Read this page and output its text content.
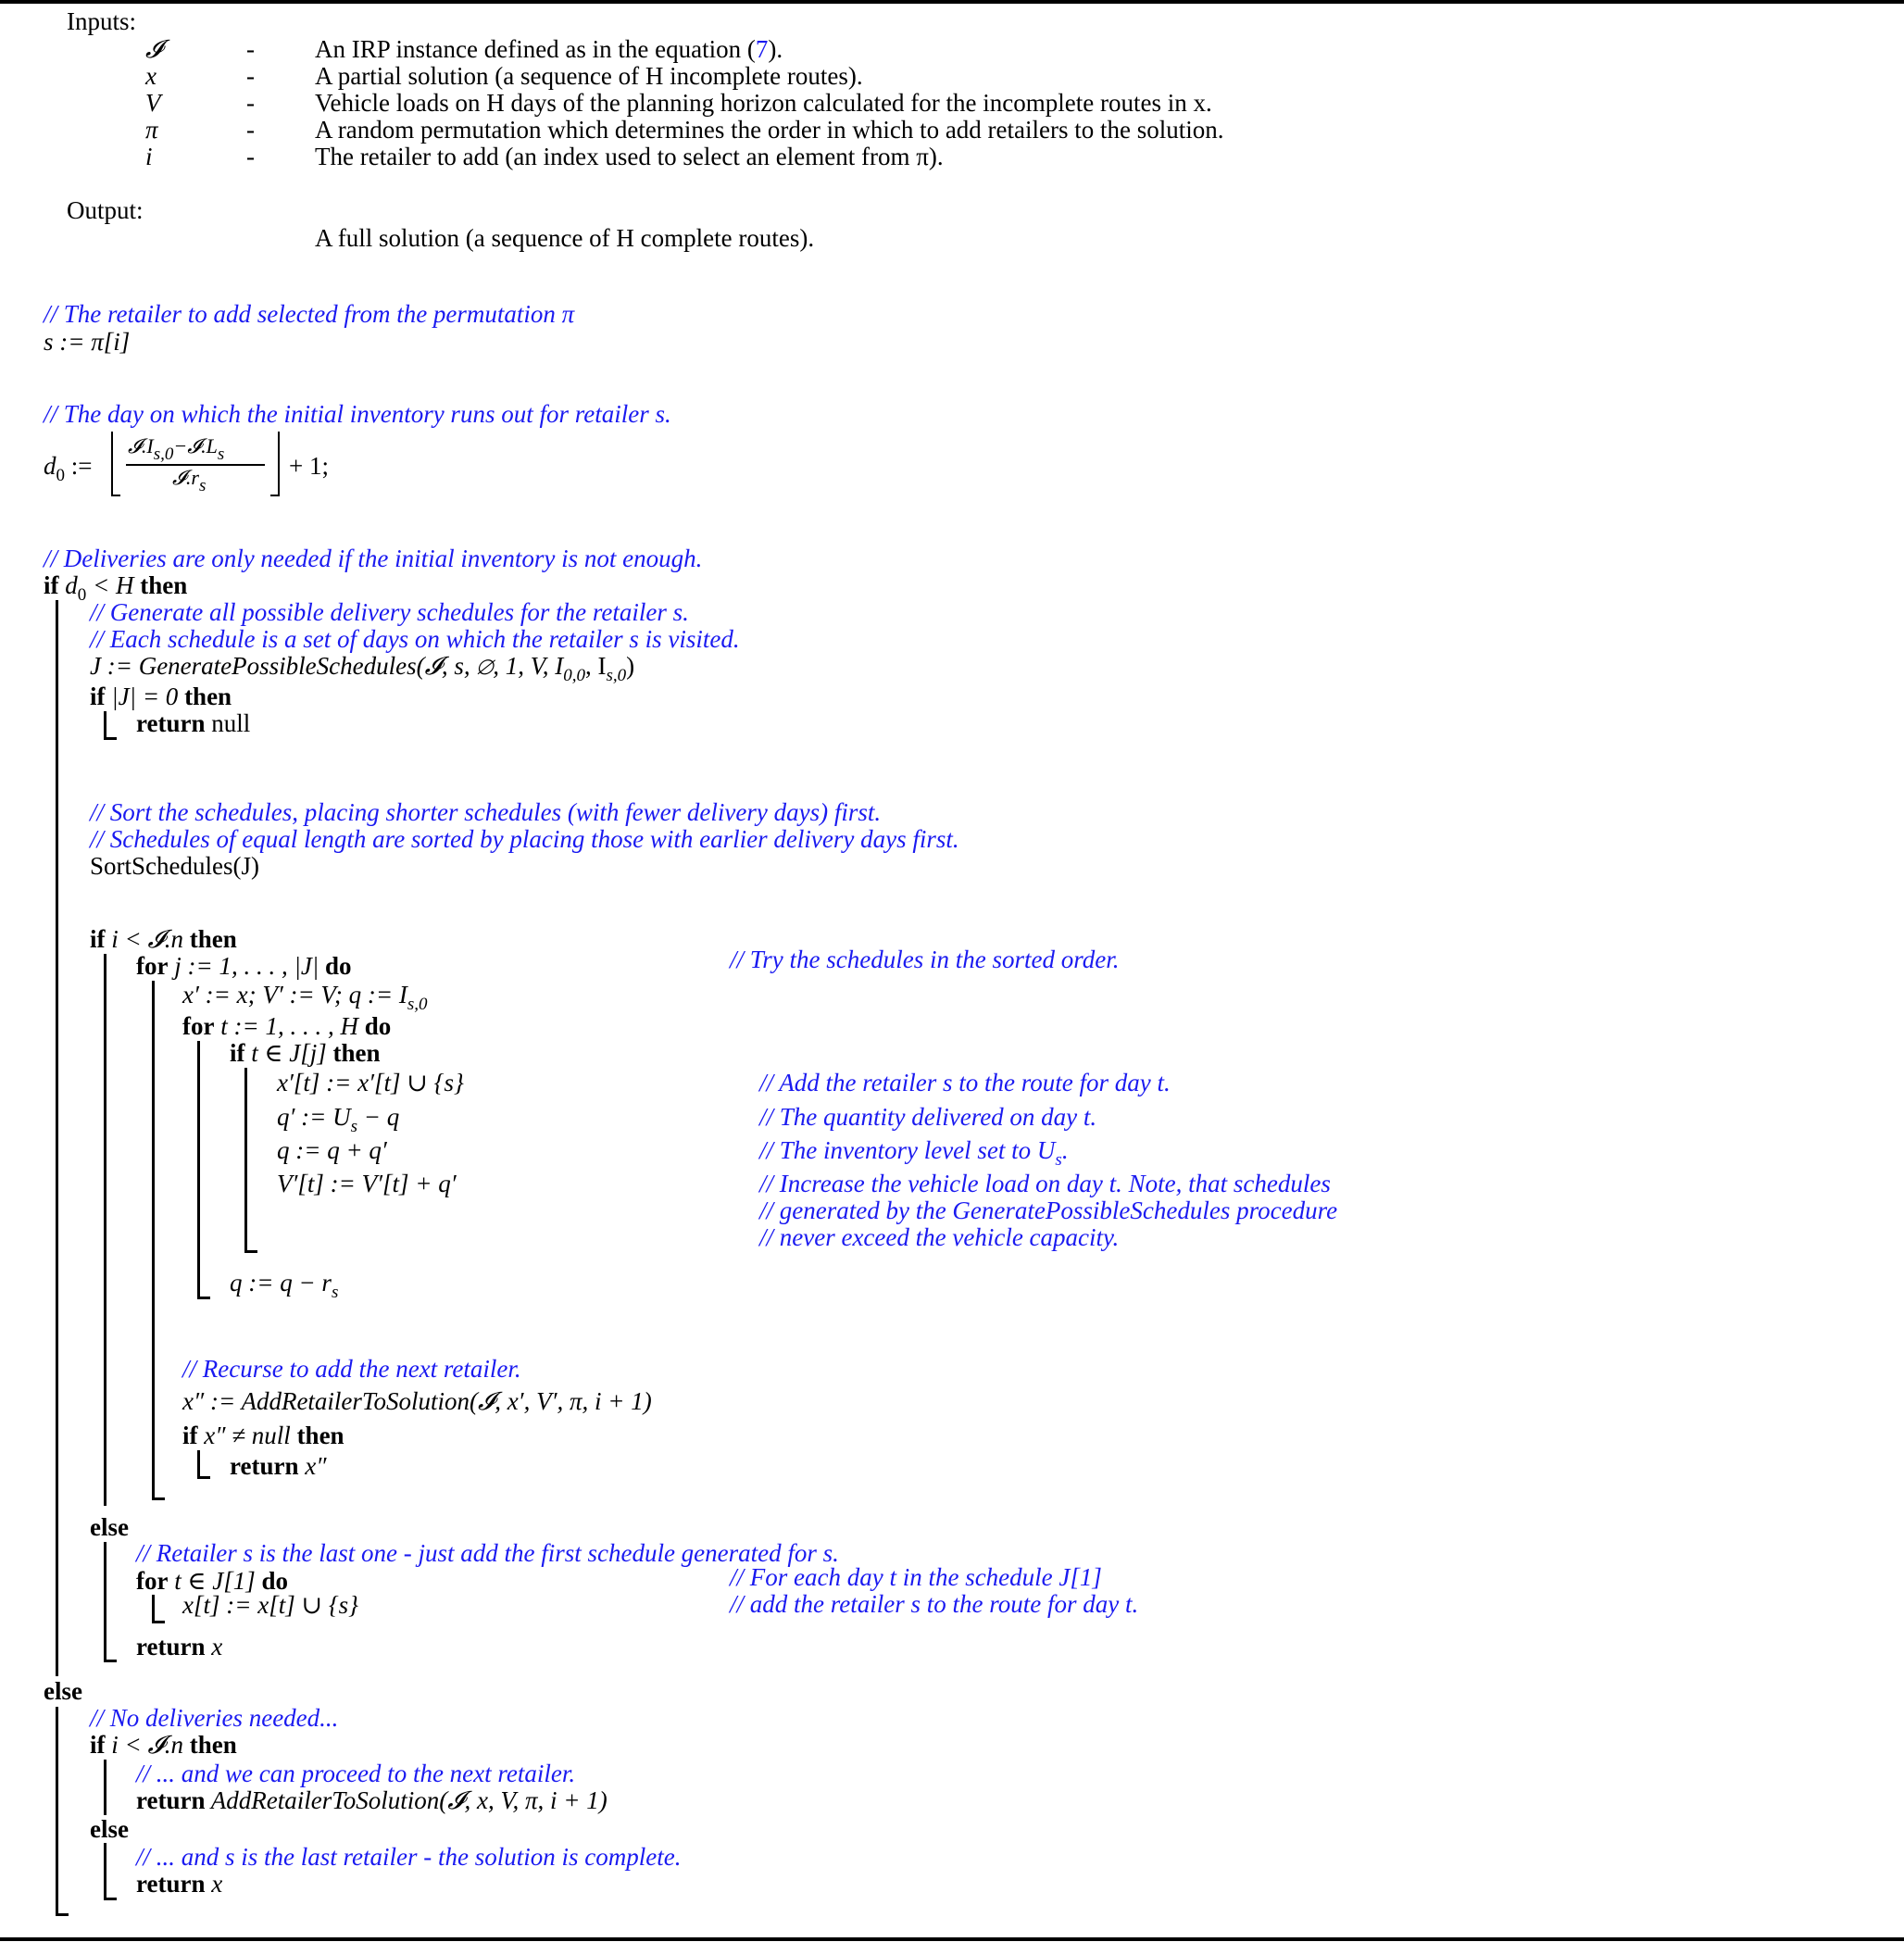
Inputs:
𝓘	- An IRP instance defined as in the equation (7).
x	- A partial solution (a sequence of H incomplete routes).
V	- Vehicle loads on H days of the planning horizon calculated for the incomplete routes in x.
π	- A random permutation which determines the order in which to add retailers to the solution.
i	- The retailer to add (an index used to select an element from π).
Output:
A full solution (a sequence of H complete routes).
// The retailer to add selected from the permutation π
s := π[i]
// The day on which the initial inventory runs out for retailer s.
$d_0$ :=
𝓘.Is,0−𝓘.Ls
𝓘.rs
+ 1;
// Deliveries are only needed if the initial inventory is not enough.
if $d_0 < H$ then
// Generate all possible delivery schedules for the retailer s.
// Each schedule is a set of days on which the retailer s is visited.
J := GeneratePossibleSchedules(𝓘, s, ∅, 1, V, $I_{0,0}$, $I_{s,0}$)
if |J| = 0 then
return null
// Sort the schedules, placing shorter schedules (with fewer delivery days) first.
// Schedules of equal length are sorted by placing those with earlier delivery days first.
SortSchedules(J)
if i < 𝓘.n then
for j := 1, . . . , |J| do	// Try the schedules in the sorted order.
x′ := x; V′ := V; q := $I_{s,0}$
for t := 1, . . . , H do
if t ∈ J[j] then
x′[t] := x′[t] ∪ {s}	// Add the retailer s to the route for day t.
q′ := $U_s - q$	// The quantity delivered on day t.
q := q + q′	// The inventory level set to $U_s$.
V′[t] := V′[t] + q′	// Increase the vehicle load on day t. Note, that schedules
// generated by the GeneratePossibleSchedules procedure
// never exceed the vehicle capacity.
q := $q - r_s$
// Recurse to add the next retailer.
x″ := AddRetailerToSolution(𝓘, x′, V′, π, i + 1)
if x″ ≠ null then
return x″
else
// Retailer s is the last one - just add the first schedule generated for s.
for t ∈ J[1] do	// For each day t in the schedule J[1]
x[t] := x[t] ∪ {s}	// add the retailer s to the route for day t.
return x
else
// No deliveries needed...
if i < 𝓘.n then
// ... and we can proceed to the next retailer.
return AddRetailerToSolution(𝓘, x, V, π, i + 1)
else
// ... and s is the last retailer - the solution is complete.
return x
